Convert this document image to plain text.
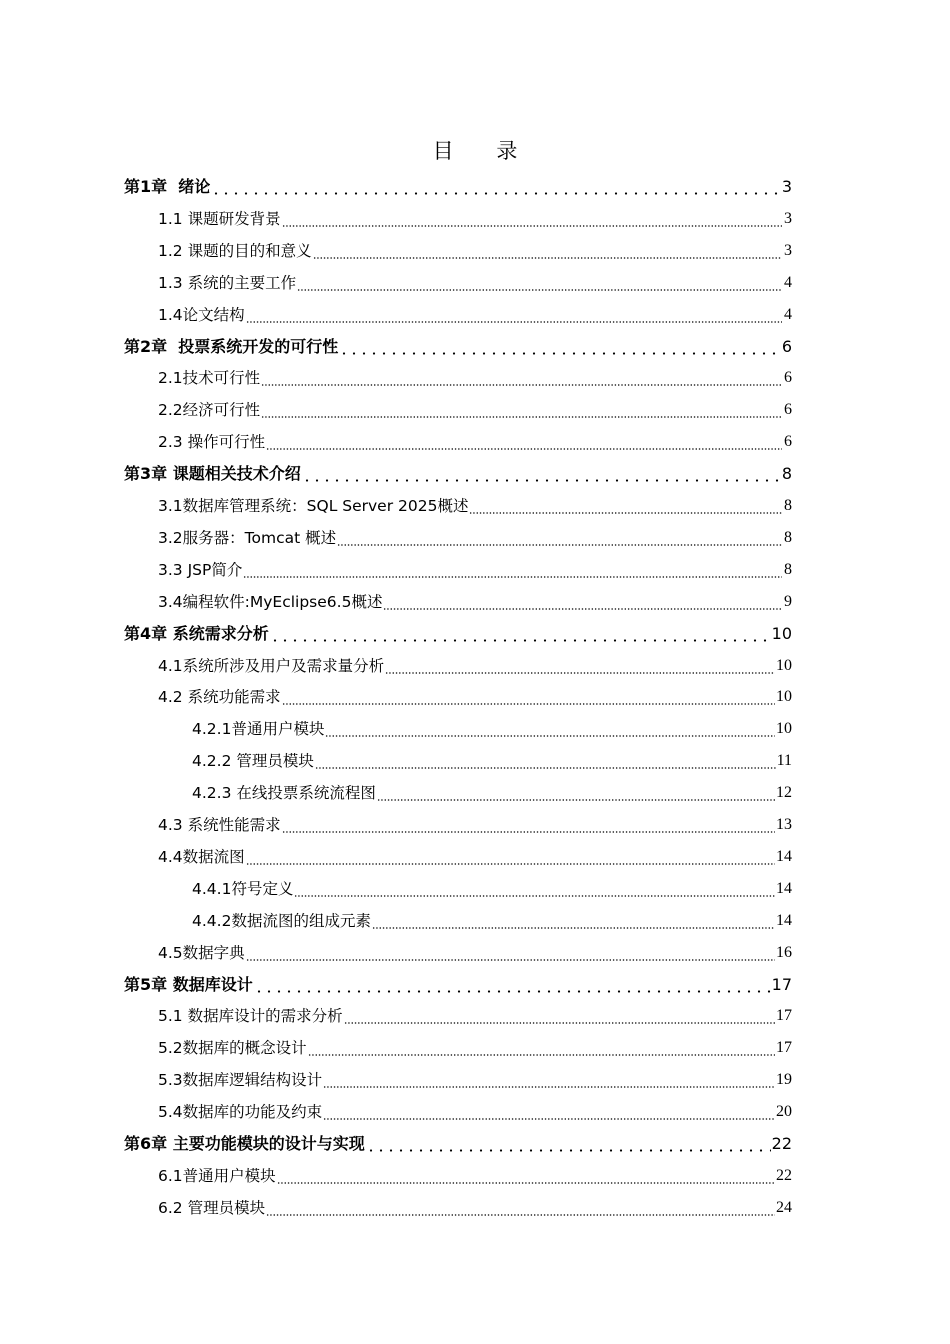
目 录
第1章  绪论	3
1.1 课题研发背景	3
1.2 课题的目的和意义	3
1.3 系统的主要工作	4
1.4论文结构	4
第2章  投票系统开发的可行性	6
2.1技术可行性	6
2.2经济可行性	6
2.3 操作可行性	6
第3章 课题相关技术介绍	8
3.1数据库管理系统：SQL Server 2025概述	8
3.2服务器：Tomcat 概述	8
3.3 JSP简介	8
3.4编程软件:MyEclipse6.5概述	9
第4章 系统需求分析	10
4.1系统所涉及用户及需求量分析	10
4.2 系统功能需求	10
4.2.1普通用户模块	10
4.2.2 管理员模块	11
4.2.3 在线投票系统流程图	12
4.3 系统性能需求	13
4.4数据流图	14
4.4.1符号定义	14
4.4.2数据流图的组成元素	14
4.5数据字典	16
第5章 数据库设计	17
5.1 数据库设计的需求分析	17
5.2数据库的概念设计	17
5.3数据库逻辑结构设计	19
5.4数据库的功能及约束	20
第6章 主要功能模块的设计与实现	22
6.1普通用户模块	22
6.2 管理员模块	24
